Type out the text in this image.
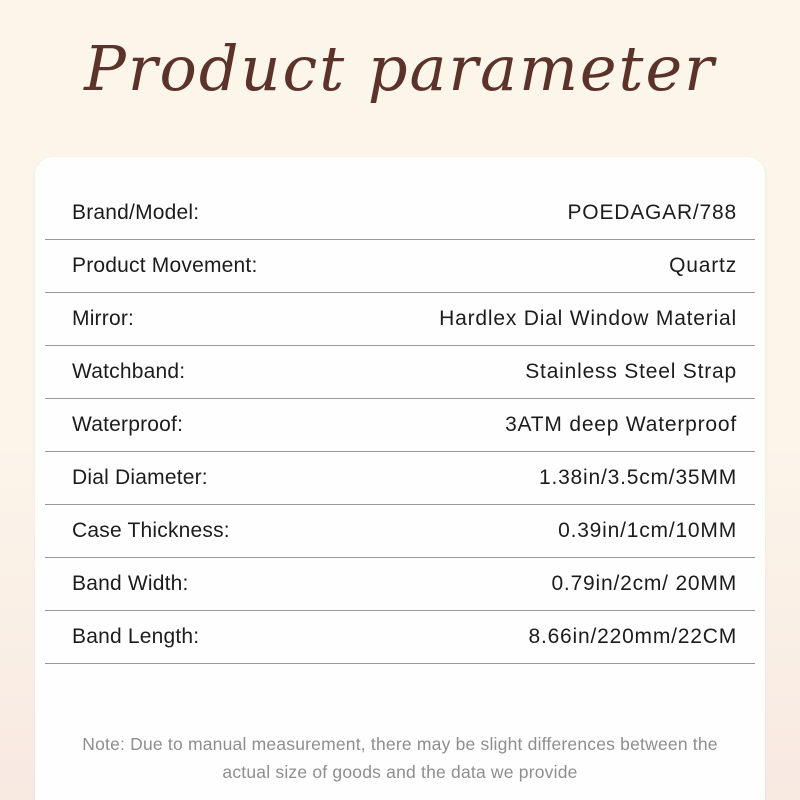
Product parameter
Brand/Model:	POEDAGAR/788
Product Movement:	Quartz
Mirror:	Hardlex Dial Window Material
Watchband:	Stainless Steel Strap
Waterproof:	3ATM deep Waterproof
Dial Diameter:	1.38in/3.5cm/35MM
Case Thickness:	0.39in/1cm/10MM
Band Width:	0.79in/2cm/ 20MM
Band Length:	8.66in/220mm/22CM
Note: Due to manual measurement, there may be slight differences between the actual size of goods and the data we provide
